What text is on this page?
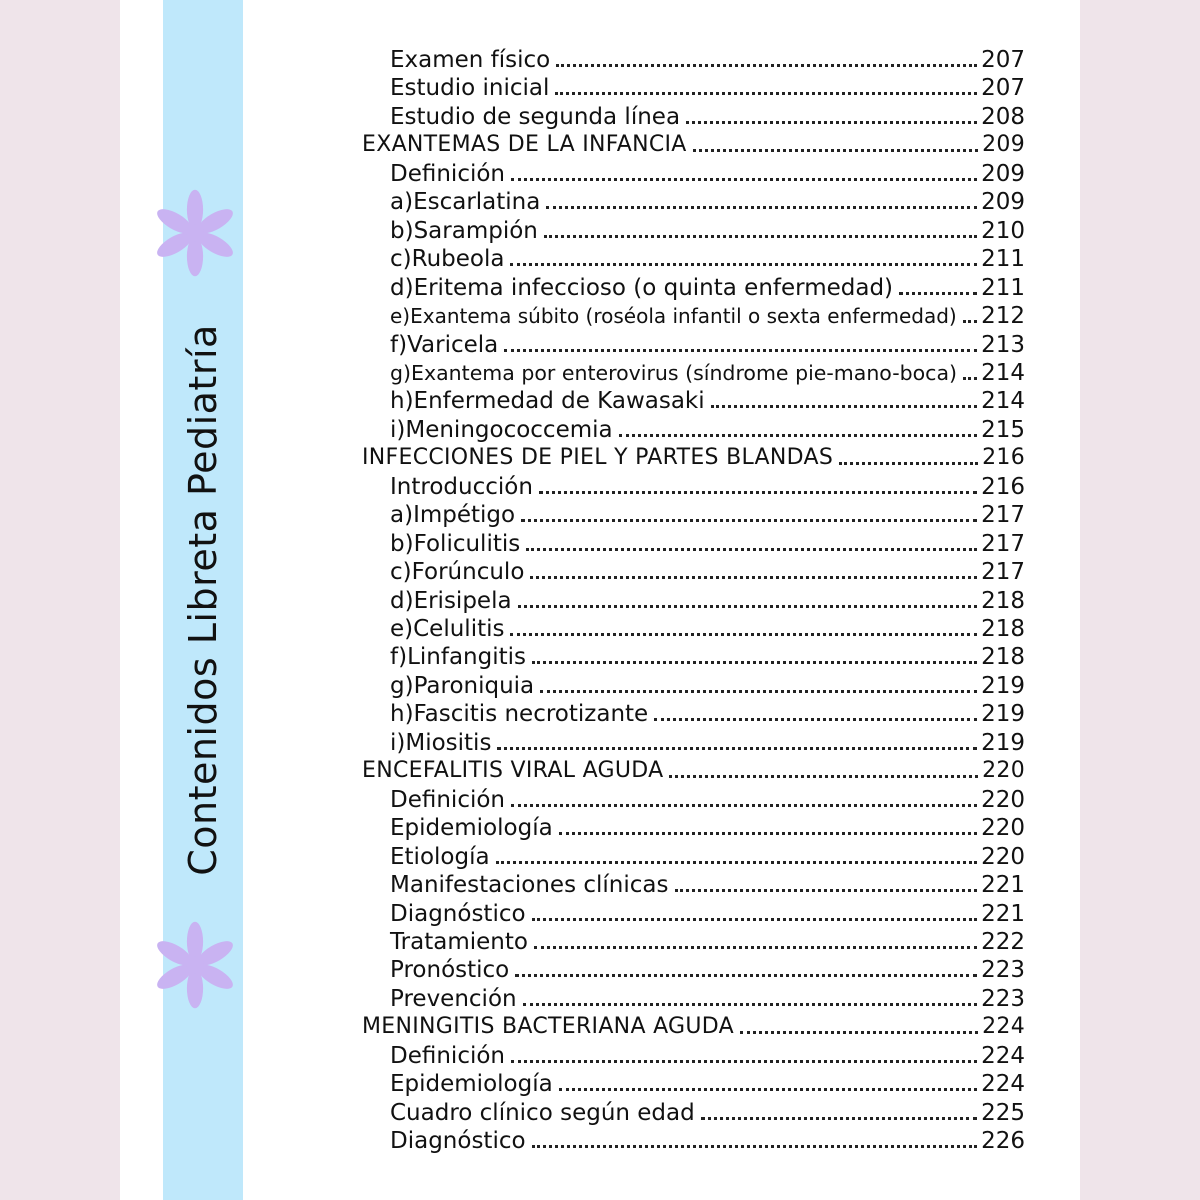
Contenidos Libreta Pediatría
Examen físico	207
Estudio inicial	207
Estudio de segunda línea	208
EXANTEMAS DE LA INFANCIA	209
Definición	209
a)Escarlatina	209
b)Sarampión	210
c)Rubeola	211
d)Eritema infeccioso (o quinta enfermedad)	211
e)Exantema súbito (roséola infantil o sexta enfermedad) 212
f)Varicela	213
g)Exantema por enterovirus (síndrome pie-mano-boca) 214
h)Enfermedad de Kawasaki	214
i)Meningococcemia	215
INFECCIONES DE PIEL Y PARTES BLANDAS	216
Introducción	216
a)Impétigo	217
b)Foliculitis	217
c)Forúnculo	217
d)Erisipela	218
e)Celulitis	218
f)Linfangitis	218
g)Paroniquia	219
h)Fascitis necrotizante	219
i)Miositis	219
ENCEFALITIS VIRAL AGUDA	220
Definición	220
Epidemiología	220
Etiología	220
Manifestaciones clínicas	221
Diagnóstico	221
Tratamiento	222
Pronóstico	223
Prevención	223
MENINGITIS BACTERIANA AGUDA	224
Definición	224
Epidemiología	224
Cuadro clínico según edad	225
Diagnóstico	226
